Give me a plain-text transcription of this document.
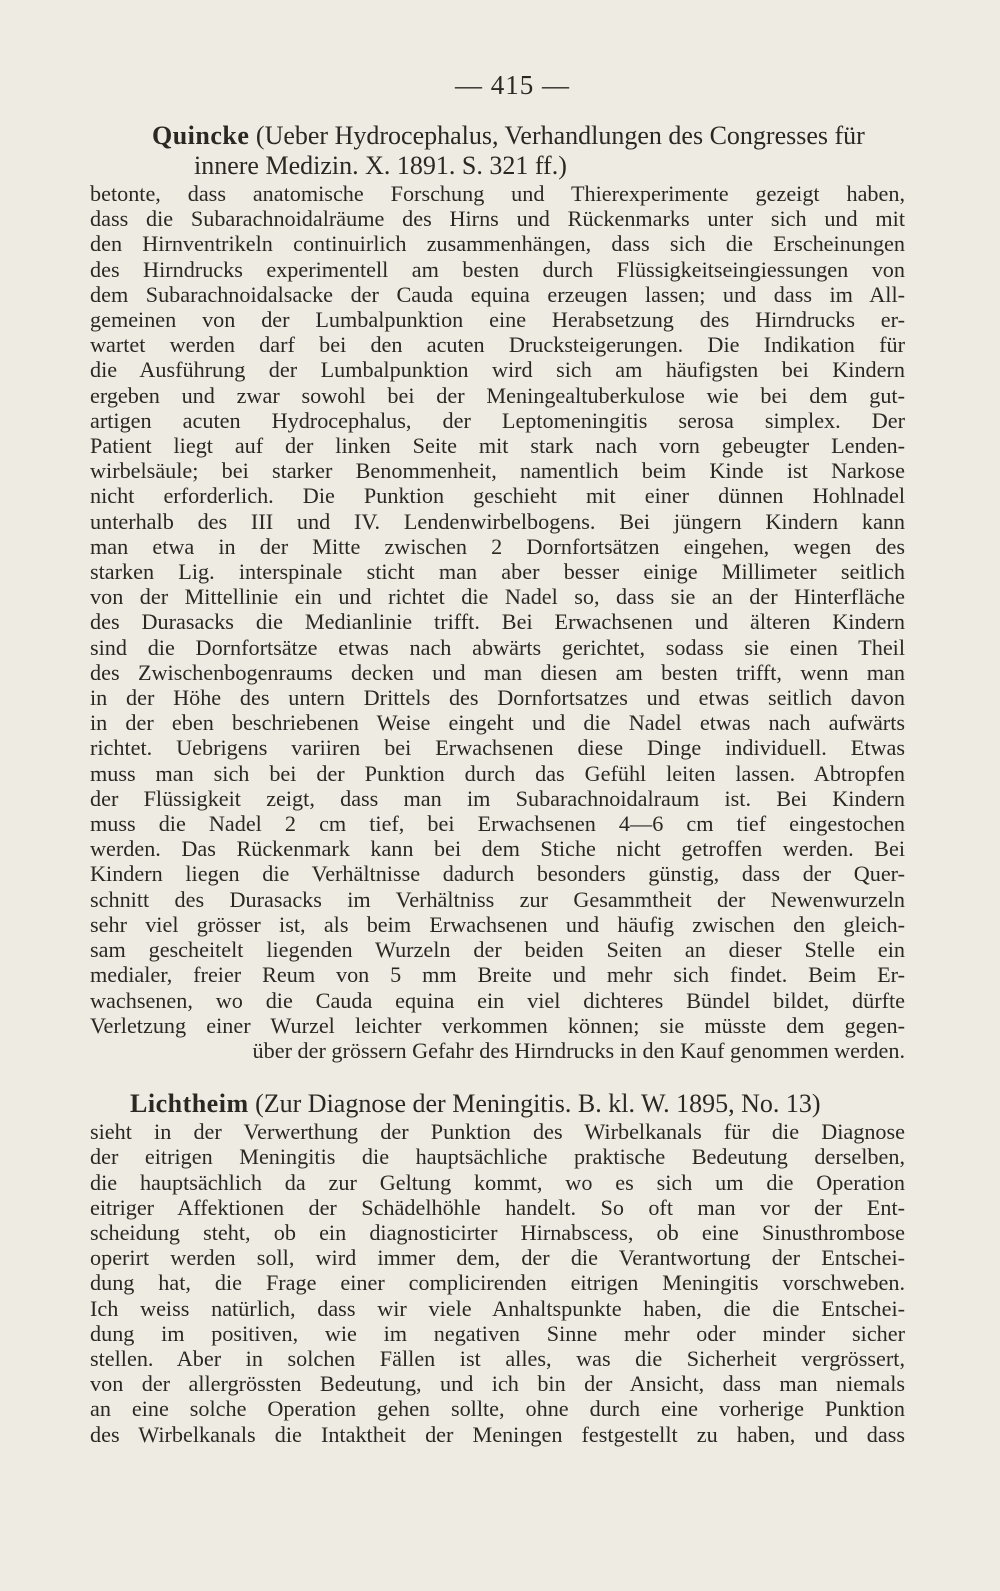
— 415 —
Quincke (Ueber Hydrocephalus, Verhandlungen des Congresses für
innere Medizin. X. 1891. S. 321 ff.)
betonte, dass anatomische Forschung und Thierexperimente gezeigt haben,
dass die Subarachnoidalräume des Hirns und Rückenmarks unter sich und mit
den Hirnventrikeln continuirlich zusammenhängen, dass sich die Erscheinungen
des Hirndrucks experimentell am besten durch Flüssigkeitseingiessungen von
dem Subarachnoidalsacke der Cauda equina erzeugen lassen; und dass im All-
gemeinen von der Lumbalpunktion eine Herabsetzung des Hirndrucks er-
wartet werden darf bei den acuten Drucksteigerungen. Die Indikation für
die Ausführung der Lumbalpunktion wird sich am häufigsten bei Kindern
ergeben und zwar sowohl bei der Meningealtuberkulose wie bei dem gut-
artigen acuten Hydrocephalus, der Leptomeningitis serosa simplex. Der
Patient liegt auf der linken Seite mit stark nach vorn gebeugter Lenden-
wirbelsäule; bei starker Benommenheit, namentlich beim Kinde ist Narkose
nicht erforderlich. Die Punktion geschieht mit einer dünnen Hohlnadel
unterhalb des III und IV. Lendenwirbelbogens. Bei jüngern Kindern kann
man etwa in der Mitte zwischen 2 Dornfortsätzen eingehen, wegen des
starken Lig. interspinale sticht man aber besser einige Millimeter seitlich
von der Mittellinie ein und richtet die Nadel so, dass sie an der Hinterfläche
des Durasacks die Medianlinie trifft. Bei Erwachsenen und älteren Kindern
sind die Dornfortsätze etwas nach abwärts gerichtet, sodass sie einen Theil
des Zwischenbogenraums decken und man diesen am besten trifft, wenn man
in der Höhe des untern Drittels des Dornfortsatzes und etwas seitlich davon
in der eben beschriebenen Weise eingeht und die Nadel etwas nach aufwärts
richtet. Uebrigens variiren bei Erwachsenen diese Dinge individuell. Etwas
muss man sich bei der Punktion durch das Gefühl leiten lassen. Abtropfen
der Flüssigkeit zeigt, dass man im Subarachnoidalraum ist. Bei Kindern
muss die Nadel 2 cm tief, bei Erwachsenen 4—6 cm tief eingestochen
werden. Das Rückenmark kann bei dem Stiche nicht getroffen werden. Bei
Kindern liegen die Verhältnisse dadurch besonders günstig, dass der Quer-
schnitt des Durasacks im Verhältniss zur Gesammtheit der Newenwurzeln
sehr viel grösser ist, als beim Erwachsenen und häufig zwischen den gleich-
sam gescheitelt liegenden Wurzeln der beiden Seiten an dieser Stelle ein
medialer, freier Reum von 5 mm Breite und mehr sich findet. Beim Er-
wachsenen, wo die Cauda equina ein viel dichteres Bündel bildet, dürfte
Verletzung einer Wurzel leichter verkommen können; sie müsste dem gegen-
über der grössern Gefahr des Hirndrucks in den Kauf genommen werden.
Lichtheim (Zur Diagnose der Meningitis. B. kl. W. 1895, No. 13)
sieht in der Verwerthung der Punktion des Wirbelkanals für die Diagnose
der eitrigen Meningitis die hauptsächliche praktische Bedeutung derselben,
die hauptsächlich da zur Geltung kommt, wo es sich um die Operation
eitriger Affektionen der Schädelhöhle handelt. So oft man vor der Ent-
scheidung steht, ob ein diagnosticirter Hirnabscess, ob eine Sinusthrombose
operirt werden soll, wird immer dem, der die Verantwortung der Entschei-
dung hat, die Frage einer complicirenden eitrigen Meningitis vorschweben.
Ich weiss natürlich, dass wir viele Anhaltspunkte haben, die die Entschei-
dung im positiven, wie im negativen Sinne mehr oder minder sicher
stellen. Aber in solchen Fällen ist alles, was die Sicherheit vergrössert,
von der allergrössten Bedeutung, und ich bin der Ansicht, dass man niemals
an eine solche Operation gehen sollte, ohne durch eine vorherige Punktion
des Wirbelkanals die Intaktheit der Meningen festgestellt zu haben, und dass
